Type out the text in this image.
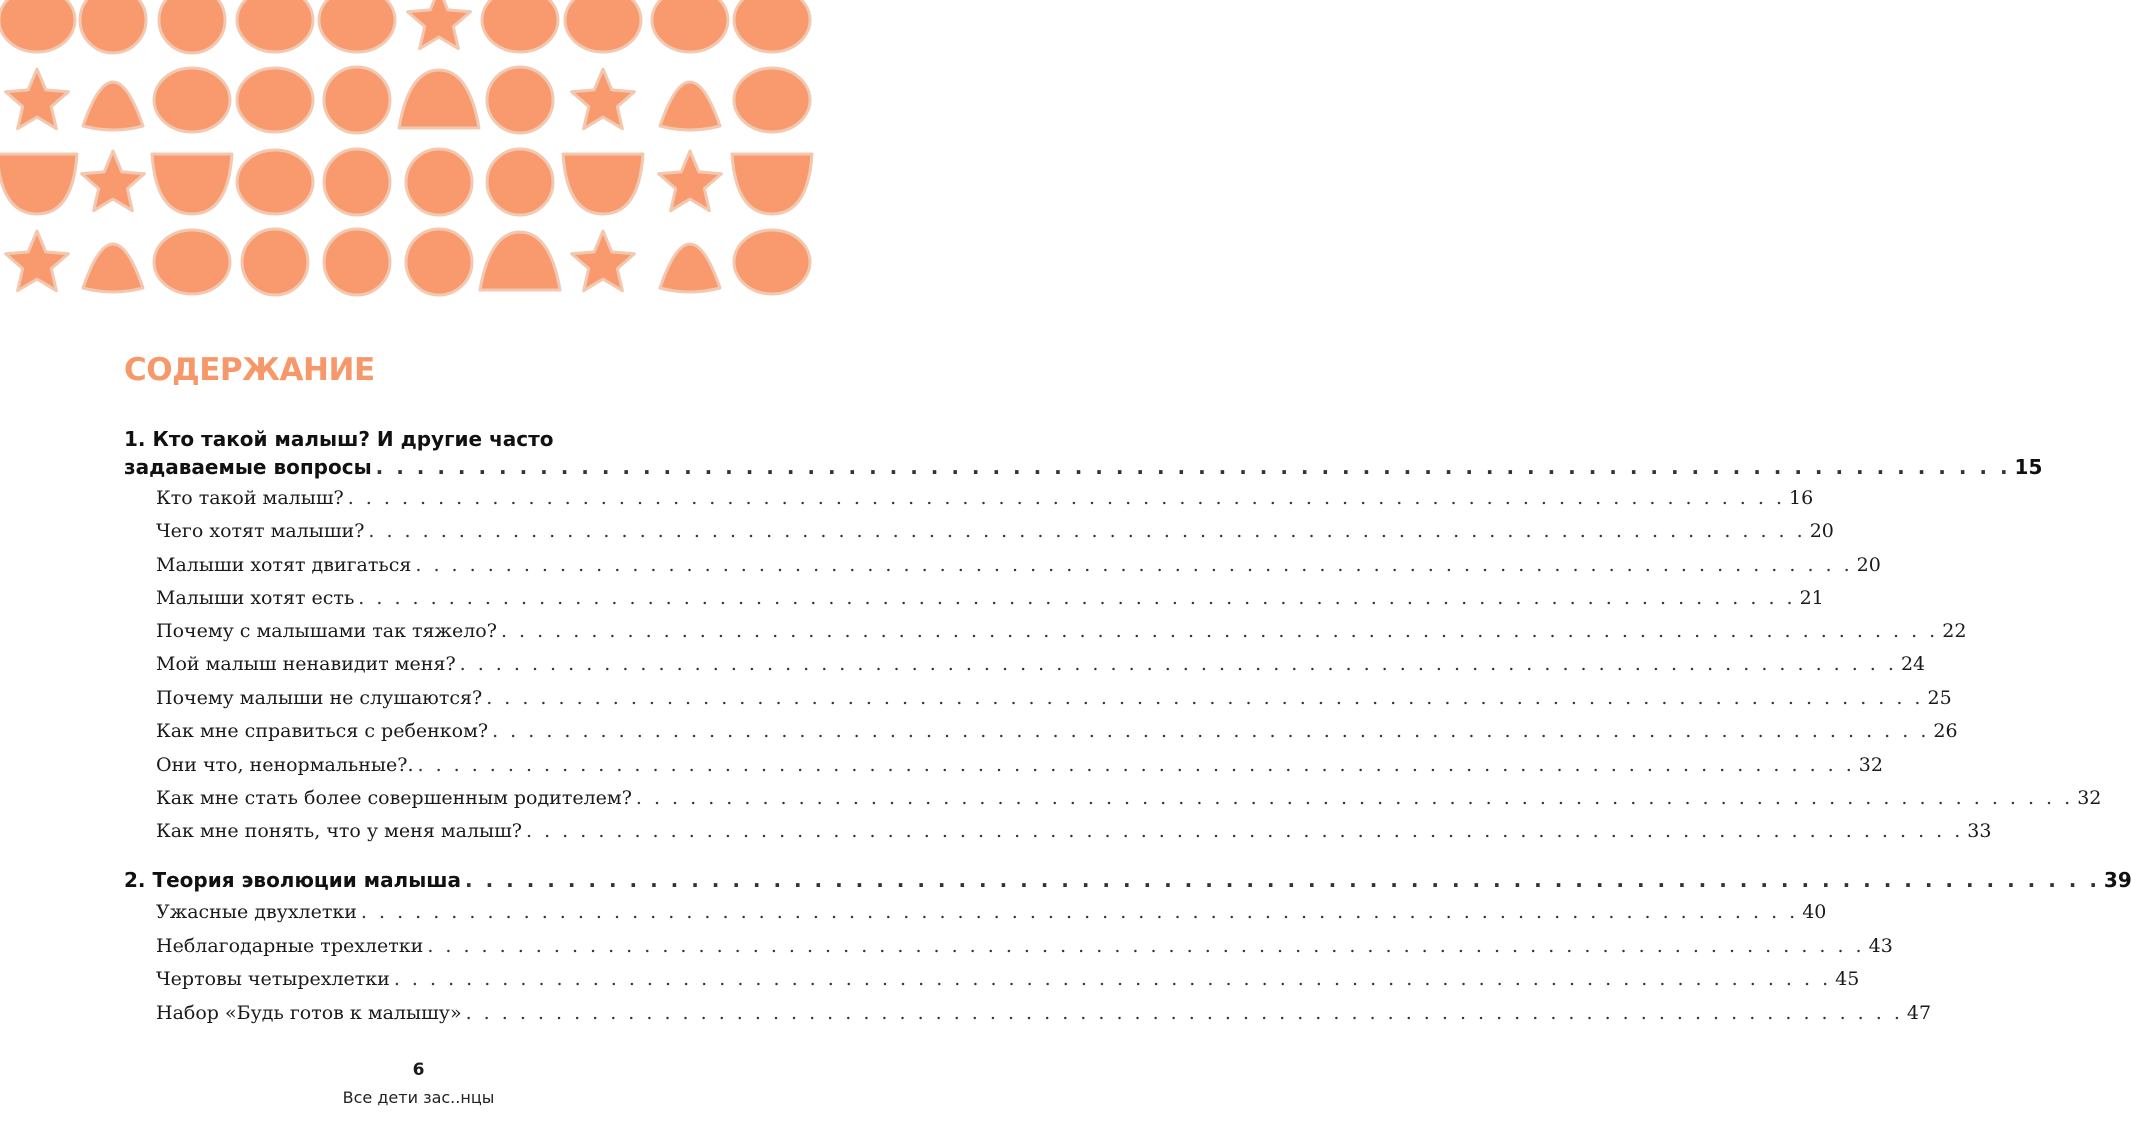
СОДЕРЖАНИЕ
1. Кто такой малыш? И другие часто
задаваемые вопросы . . . . . . . . . . . . . . . . . . . . . . . . . . . . . . . . . . . . . . . . . . . . . . . . . . . . . . . . . . . . . . . . . . . . . . . . . . . . . . . . 15
Кто такой малыш? . . . . . . . . . . . . . . . . . . . . . . . . . . . . . . . . . . . . . . . . . . . . . . . . . . . . . . . . . . . . . . . . . . . . . . . . . . . . . . . . 16
Чего хотят малыши? . . . . . . . . . . . . . . . . . . . . . . . . . . . . . . . . . . . . . . . . . . . . . . . . . . . . . . . . . . . . . . . . . . . . . . . . . . . . . . . . 20
Малыши хотят двигаться . . . . . . . . . . . . . . . . . . . . . . . . . . . . . . . . . . . . . . . . . . . . . . . . . . . . . . . . . . . . . . . . . . . . . . . . . . . . . . . . 20
Малыши хотят есть . . . . . . . . . . . . . . . . . . . . . . . . . . . . . . . . . . . . . . . . . . . . . . . . . . . . . . . . . . . . . . . . . . . . . . . . . . . . . . . . 21
Почему с малышами так тяжело? . . . . . . . . . . . . . . . . . . . . . . . . . . . . . . . . . . . . . . . . . . . . . . . . . . . . . . . . . . . . . . . . . . . . . . . . . . . . . . . . 22
Мой малыш ненавидит меня? . . . . . . . . . . . . . . . . . . . . . . . . . . . . . . . . . . . . . . . . . . . . . . . . . . . . . . . . . . . . . . . . . . . . . . . . . . . . . . . . 24
Почему малыши не слушаются? . . . . . . . . . . . . . . . . . . . . . . . . . . . . . . . . . . . . . . . . . . . . . . . . . . . . . . . . . . . . . . . . . . . . . . . . . . . . . . . . 25
Как мне справиться с ребенком? . . . . . . . . . . . . . . . . . . . . . . . . . . . . . . . . . . . . . . . . . . . . . . . . . . . . . . . . . . . . . . . . . . . . . . . . . . . . . . . . 26
Они что, ненормальные?. . . . . . . . . . . . . . . . . . . . . . . . . . . . . . . . . . . . . . . . . . . . . . . . . . . . . . . . . . . . . . . . . . . . . . . . . . . . . . . . . 32
Как мне стать более совершенным родителем? . . . . . . . . . . . . . . . . . . . . . . . . . . . . . . . . . . . . . . . . . . . . . . . . . . . . . . . . . . . . . . . . . . . . . . . . . . . . . . . . 32
Как мне понять, что у меня малыш? . . . . . . . . . . . . . . . . . . . . . . . . . . . . . . . . . . . . . . . . . . . . . . . . . . . . . . . . . . . . . . . . . . . . . . . . . . . . . . . . 33
2. Теория эволюции малыша . . . . . . . . . . . . . . . . . . . . . . . . . . . . . . . . . . . . . . . . . . . . . . . . . . . . . . . . . . . . . . . . . . . . . . . . . . . . . . . . 39
Ужасные двухлетки . . . . . . . . . . . . . . . . . . . . . . . . . . . . . . . . . . . . . . . . . . . . . . . . . . . . . . . . . . . . . . . . . . . . . . . . . . . . . . . . 40
Неблагодарные трехлетки . . . . . . . . . . . . . . . . . . . . . . . . . . . . . . . . . . . . . . . . . . . . . . . . . . . . . . . . . . . . . . . . . . . . . . . . . . . . . . . . 43
Чертовы четырехлетки . . . . . . . . . . . . . . . . . . . . . . . . . . . . . . . . . . . . . . . . . . . . . . . . . . . . . . . . . . . . . . . . . . . . . . . . . . . . . . . . 45
Набор «Будь готов к малышу» . . . . . . . . . . . . . . . . . . . . . . . . . . . . . . . . . . . . . . . . . . . . . . . . . . . . . . . . . . . . . . . . . . . . . . . . . . . . . . . . 47
6
Все дети зас..нцы
